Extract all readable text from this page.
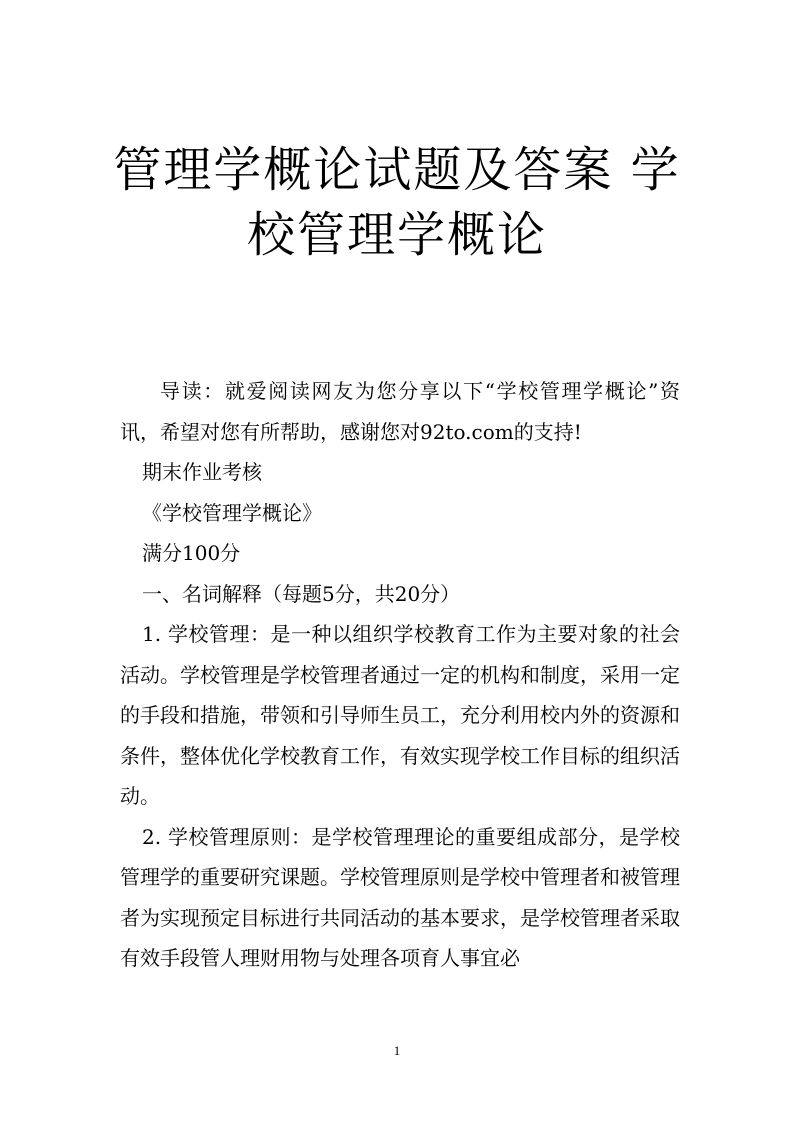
管理学概论试题及答案 学校管理学概论

导读：就爱阅读网友为您分享以下“学校管理学概论”资讯，希望对您有所帮助，感谢您对92to.com的支持!

期末作业考核

《学校管理学概论》

满分100分

一、名词解释（每题5分，共20分）

1. 学校管理：是一种以组织学校教育工作为主要对象的社会活动。学校管理是学校管理者通过一定的机构和制度，采用一定的手段和措施，带领和引导师生员工，充分利用校内外的资源和条件，整体优化学校教育工作，有效实现学校工作目标的组织活动。

2. 学校管理原则：是学校管理理论的重要组成部分，是学校管理学的重要研究课题。学校管理原则是学校中管理者和被管理者为实现预定目标进行共同活动的基本要求，是学校管理者采取有效手段管人理财用物与处理各项育人事宜必

1
